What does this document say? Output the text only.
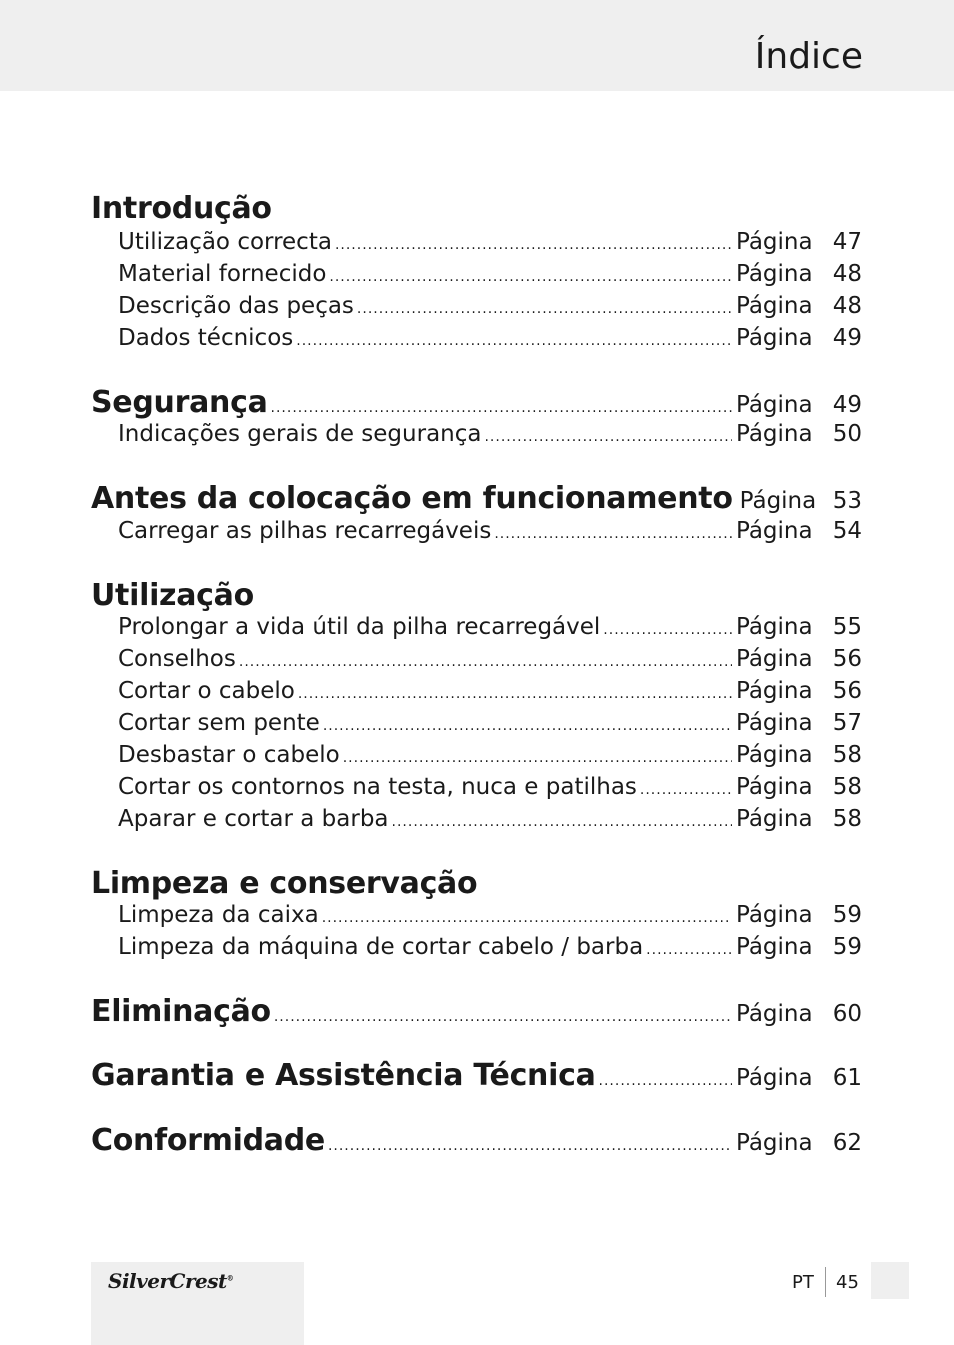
Índice
Introdução
Utilização correcta .....	Página 47
Material fornecido .....	Página 48
Descrição das peças .....	Página 48
Dados técnicos .....	Página 49
Segurança .....	Página 49
Indicações gerais de segurança .....	Página 50
Antes da colocação em funcionamento Página 53
Carregar as pilhas recarregáveis .....	Página 54
Utilização
Prolongar a vida útil da pilha recarregável .....	Página 55
Conselhos .....	Página 56
Cortar o cabelo .....	Página 56
Cortar sem pente .....	Página 57
Desbastar o cabelo .....	Página 58
Cortar os contornos na testa, nuca e patilhas .....	Página 58
Aparar e cortar a barba .....	Página 58
Limpeza e conservação
Limpeza da caixa .....	Página 59
Limpeza da máquina de cortar cabelo / barba .....	Página 59
Eliminação .....	Página 60
Garantia e Assistência Técnica .....	Página 61
Conformidade .....	Página 62
SilverCrest®	PT 45
